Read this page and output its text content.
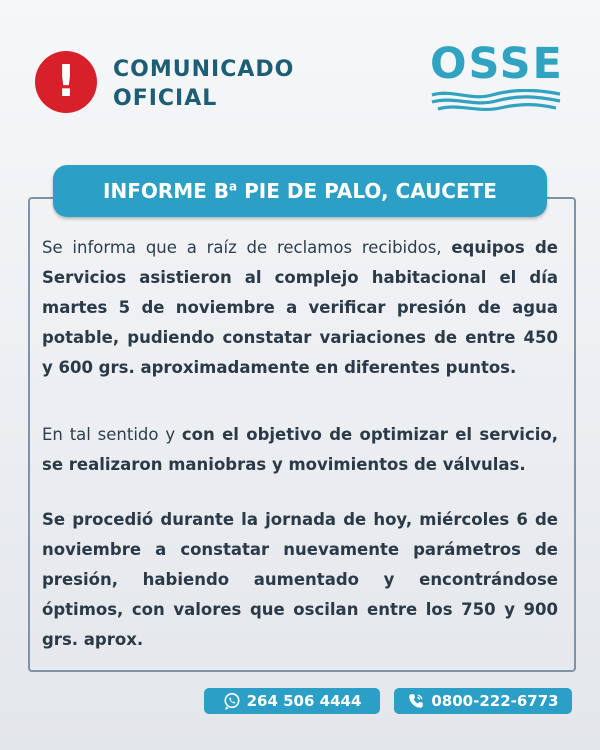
! COMUNICADO
OFICIAL
OSSE
INFORME $B^a$ PIE DE PALO, CAUCETE
Se informa que a raíz de reclamos recibidos, equipos de Servicios asistieron al complejo habitacional el día martes 5 de noviembre a verificar presión de agua potable, pudiendo constatar variaciones de entre 450 y 600 grs. aproximadamente en diferentes puntos.
En tal sentido y con el objetivo de optimizar el servicio, se realizaron maniobras y movimientos de válvulas.
Se procedió durante la jornada de hoy, miércoles 6 de noviembre a constatar nuevamente parámetros de presión, habiendo aumentado y encontrándose óptimos, con valores que oscilan entre los 750 y 900 grs. aprox.
264 506 4444	0800-222-6773
